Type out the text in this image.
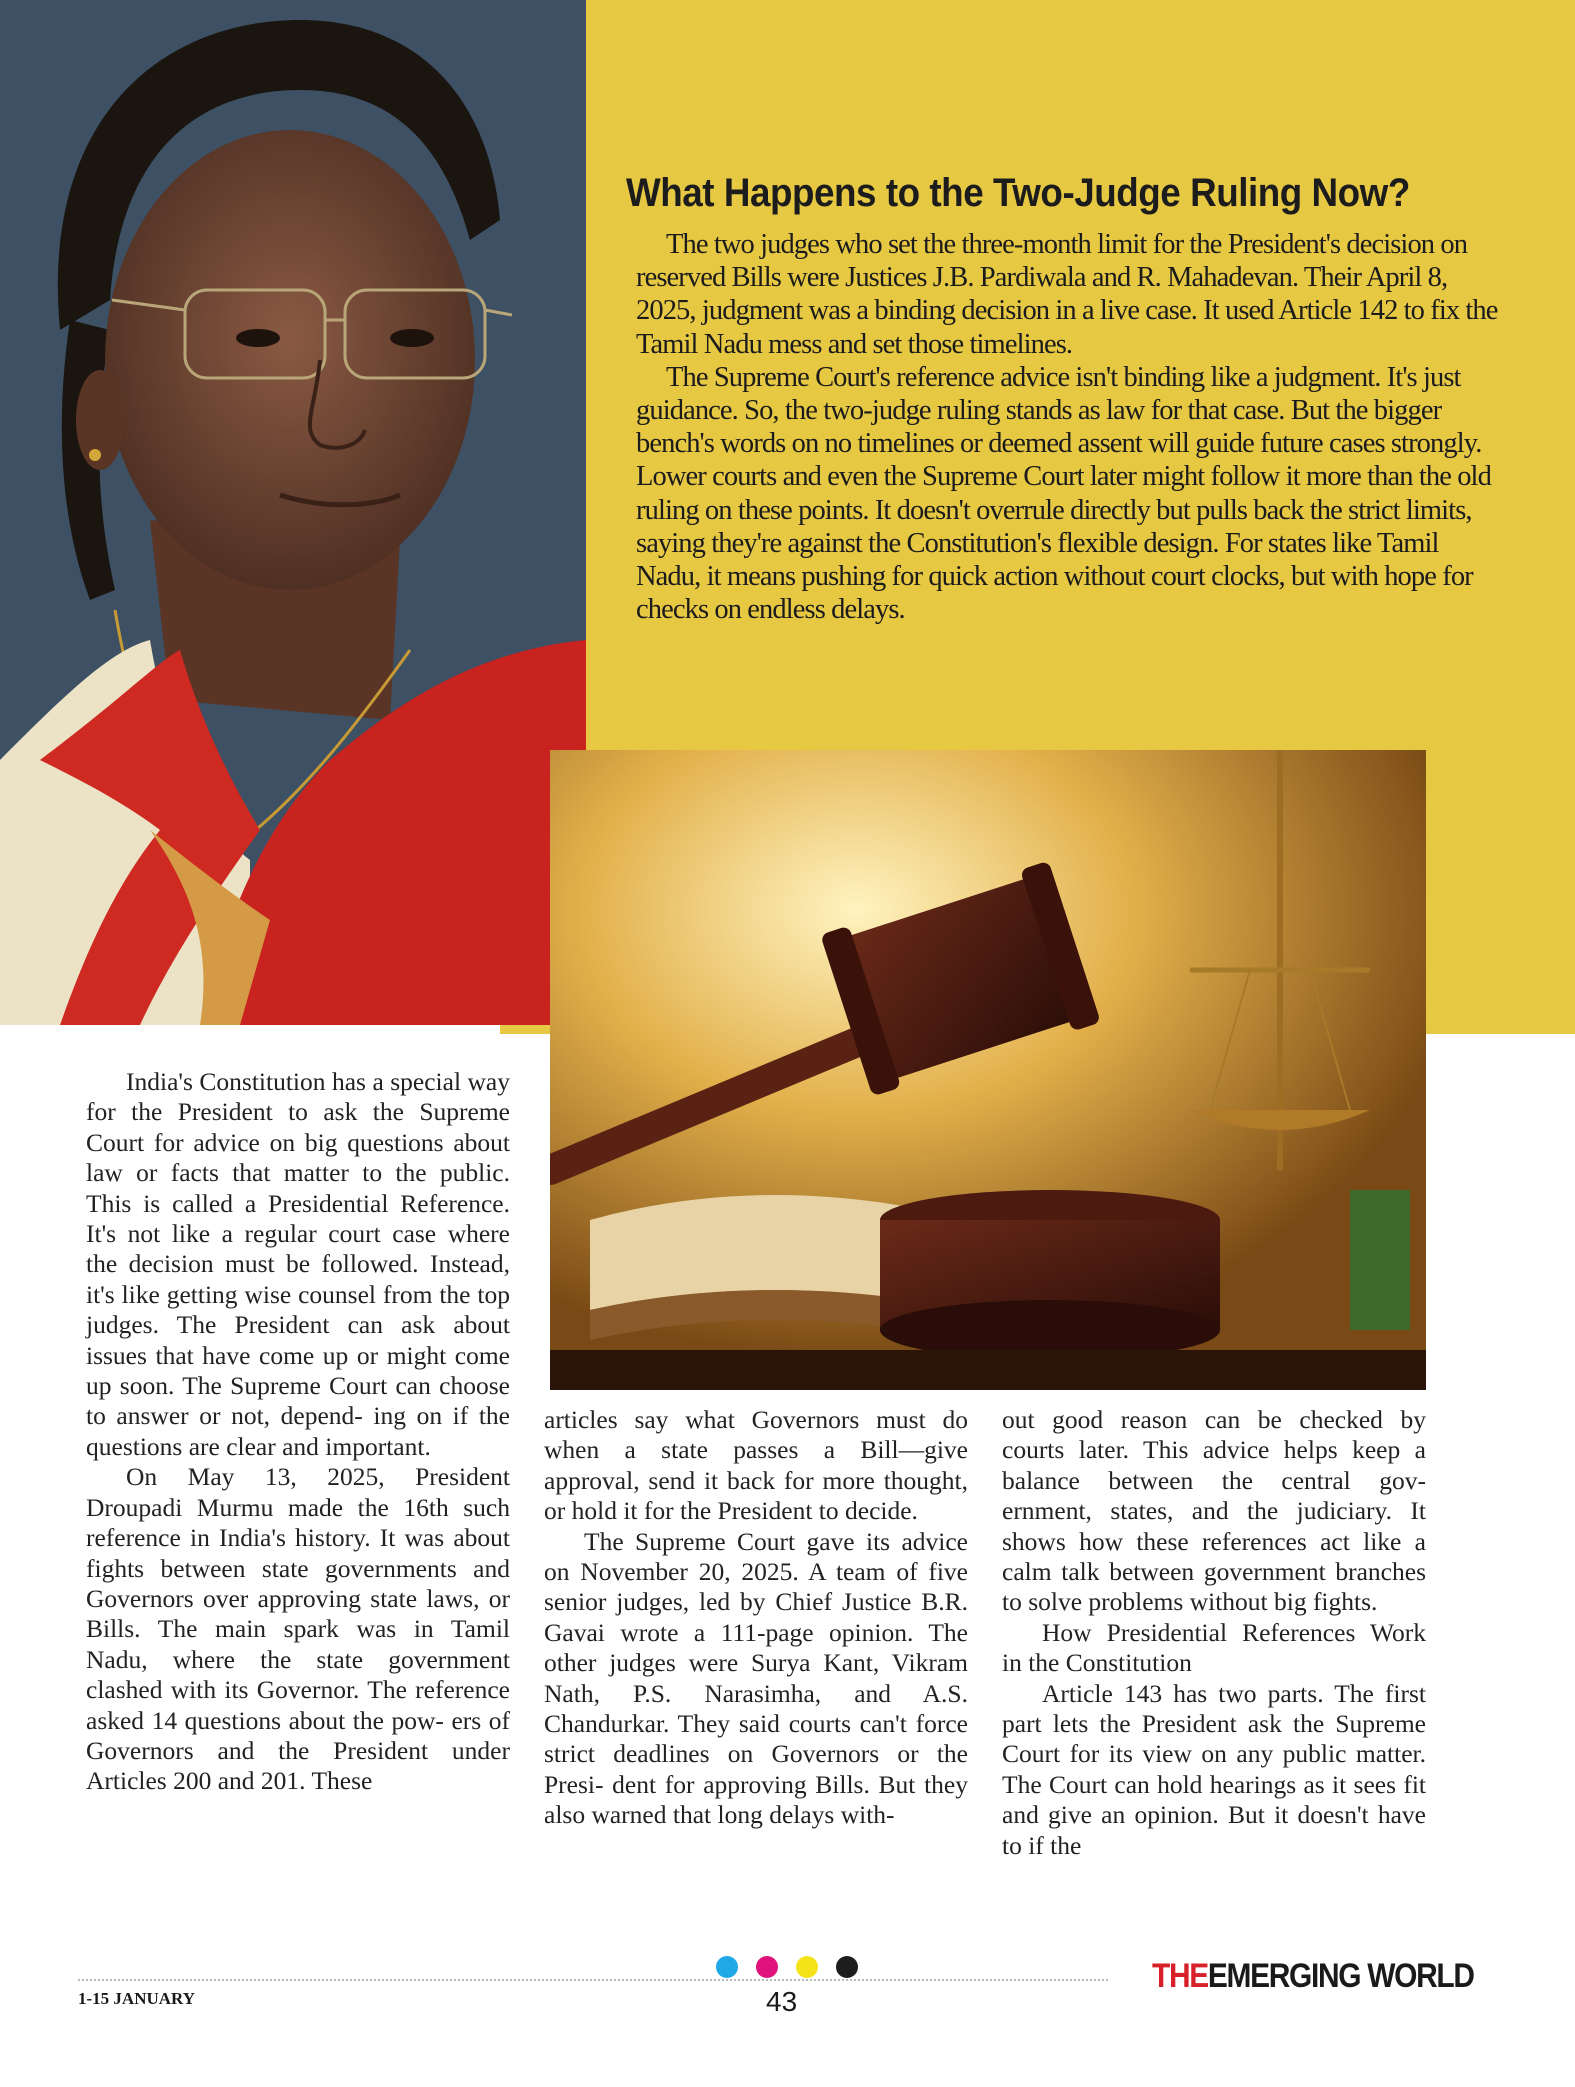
What Happens to the Two-Judge Ruling Now?

The two judges who set the three-month limit for the President's decision on reserved Bills were Justices J.B. Pardiwala and R. Mahadevan. Their April 8, 2025, judgment was a binding decision in a live case. It used Article 142 to fix the Tamil Nadu mess and set those timelines.

The Supreme Court's reference advice isn't binding like a judgment. It's just guidance. So, the two-judge ruling stands as law for that case. But the bigger bench's words on no timelines or deemed assent will guide future cases strongly. Lower courts and even the Supreme Court later might follow it more than the old ruling on these points. It doesn't overrule directly but pulls back the strict limits, saying they're against the Constitution's flexible design. For states like Tamil Nadu, it means pushing for quick action without court clocks, but with hope for checks on endless delays.

India's Constitution has a special way for the President to ask the Supreme Court for advice on big questions about law or facts that matter to the public. This is called a Presidential Reference. It's not like a regular court case where the decision must be followed. Instead, it's like getting wise counsel from the top judges. The President can ask about issues that have come up or might come up soon. The Supreme Court can choose to answer or not, depend- ing on if the questions are clear and important.

On May 13, 2025, President Droupadi Murmu made the 16th such reference in India's history. It was about fights between state governments and Governors over approving state laws, or Bills. The main spark was in Tamil Nadu, where the state government clashed with its Governor. The reference asked 14 questions about the pow- ers of Governors and the President under Articles 200 and 201. These

articles say what Governors must do when a state passes a Bill—give approval, send it back for more thought, or hold it for the President to decide.

The Supreme Court gave its advice on November 20, 2025. A team of five senior judges, led by Chief Justice B.R. Gavai wrote a 111-page opinion. The other judges were Surya Kant, Vikram Nath, P.S. Narasimha, and A.S. Chandurkar. They said courts can't force strict deadlines on Governors or the Presi- dent for approving Bills. But they also warned that long delays with-

out good reason can be checked by courts later. This advice helps keep a balance between the central gov- ernment, states, and the judiciary. It shows how these references act like a calm talk between government branches to solve problems without big fights.

How Presidential References Work in the Constitution

Article 143 has two parts. The first part lets the President ask the Supreme Court for its view on any public matter. The Court can hold hearings as it sees fit and give an opinion. But it doesn't have to if the

1-15 JANUARY	43
THEEMERGING WORLD
